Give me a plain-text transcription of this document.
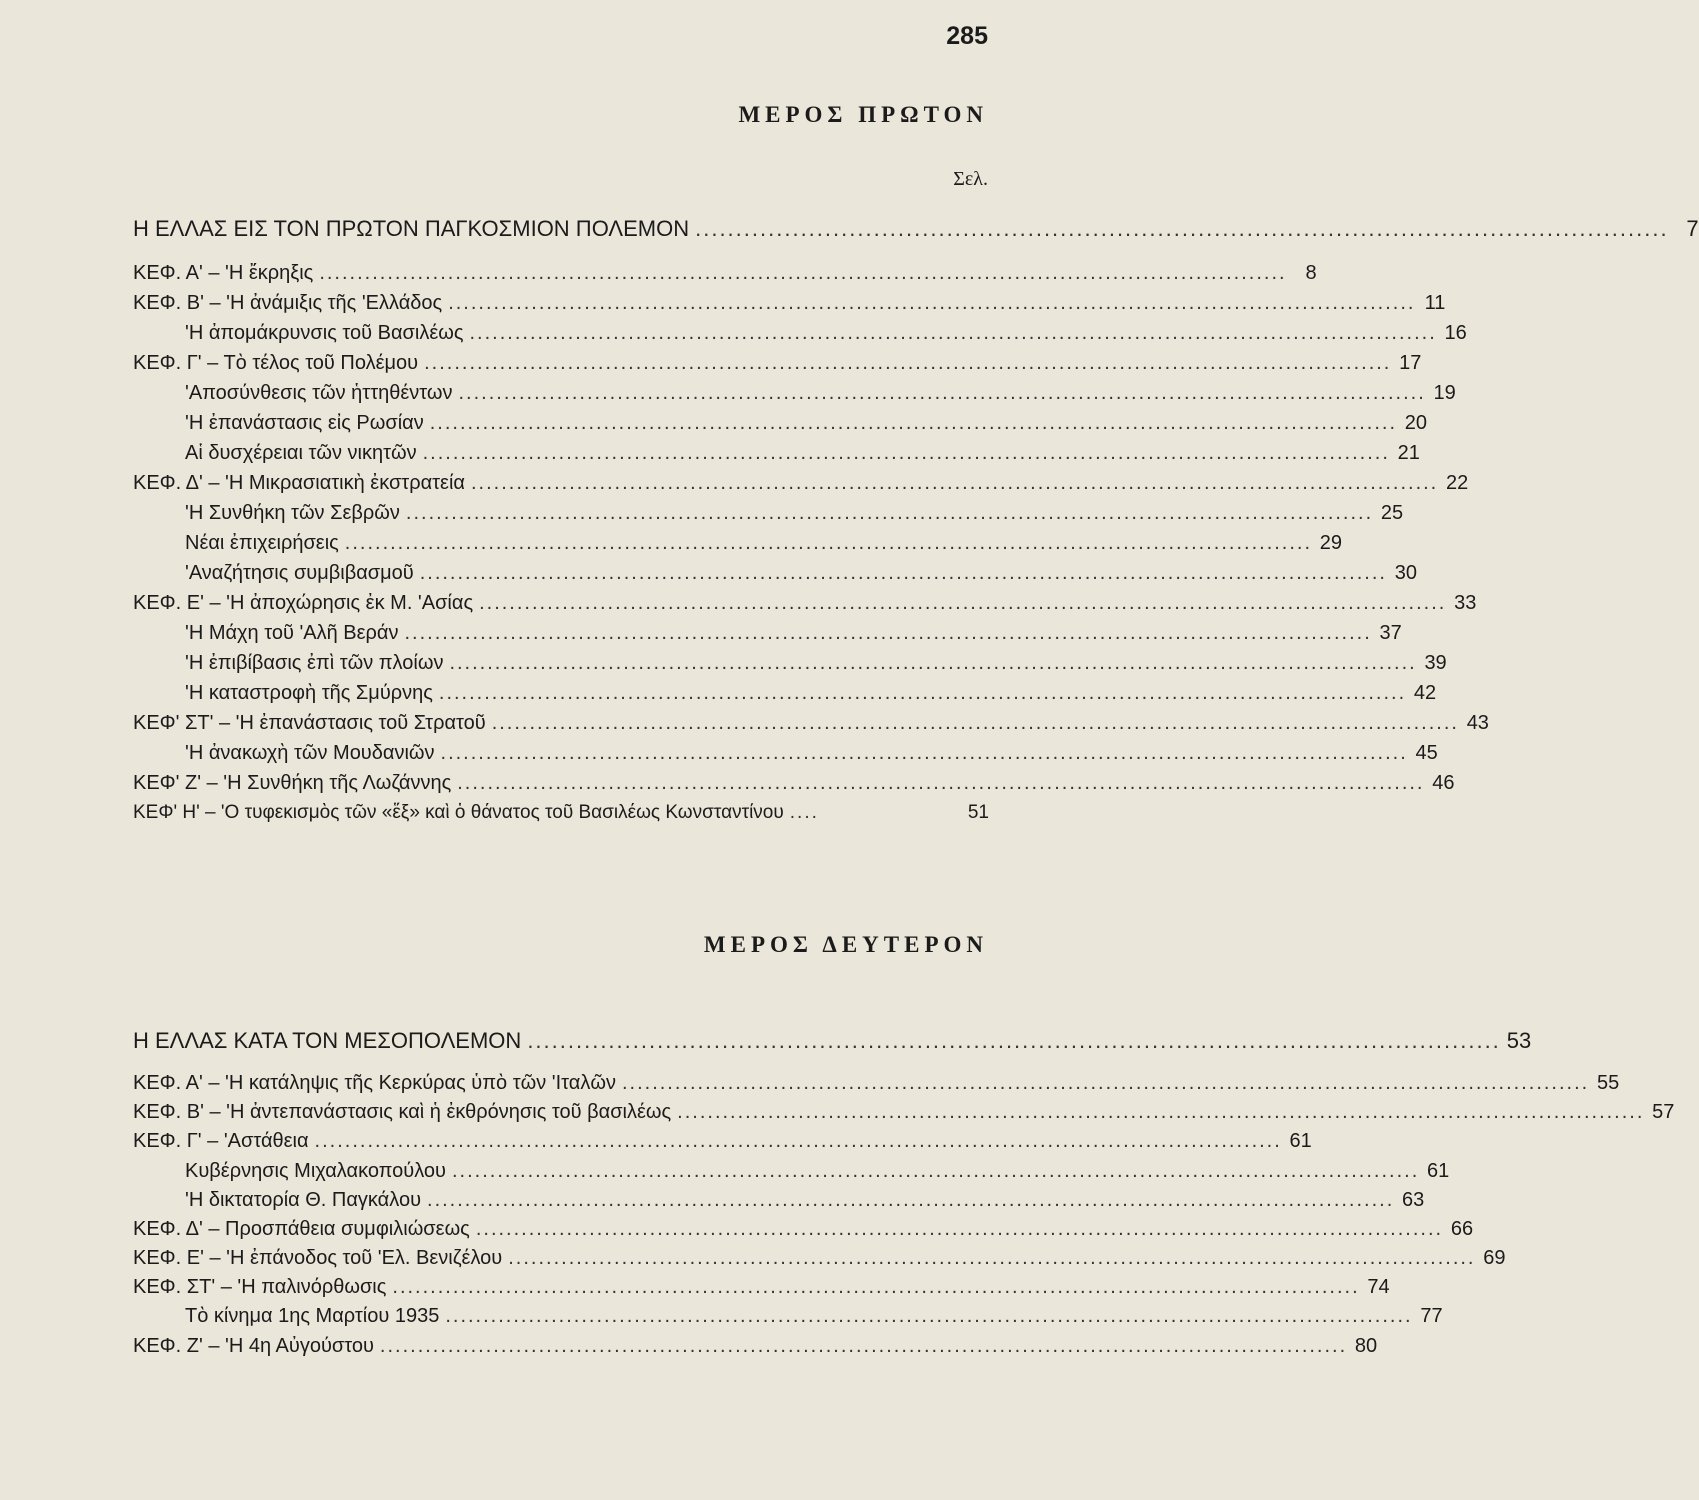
285
ΜΕΡΟΣ ΠΡΩΤΟΝ
Σελ.
Η ΕΛΛΑΣ ΕΙΣ ΤΟΝ ΠΡΩΤΟΝ ΠΑΓΚΟΣΜΙΟΝ ΠΟΛΕΜΟΝ ........................................................................................................................ 7
ΚΕΦ. Α' – 'Η ἔκρηξις ................................................................................................................................ 8
ΚΕΦ. Β' – 'Η ἀνάμιξις τῆς 'Ελλάδος ................................................................................................................................ 11
'Η ἀπομάκρυνσις τοῦ Βασιλέως ................................................................................................................................ 16
ΚΕΦ. Γ' – Τὸ τέλος τοῦ Πολέμου ................................................................................................................................ 17
'Αποσύνθεσις τῶν ἡττηθέντων ................................................................................................................................ 19
'Η ἐπανάστασις εἰς Ρωσίαν ................................................................................................................................ 20
Αἱ δυσχέρειαι τῶν νικητῶν ................................................................................................................................ 21
ΚΕΦ. Δ' – 'Η Μικρασιατικὴ ἐκστρατεία ................................................................................................................................ 22
'Η Συνθήκη τῶν Σεβρῶν ................................................................................................................................ 25
Νέαι ἐπιχειρήσεις ................................................................................................................................ 29
'Αναζήτησις συμβιβασμοῦ ................................................................................................................................ 30
ΚΕΦ. Ε' – 'Η ἀποχώρησις ἐκ Μ. 'Ασίας ................................................................................................................................ 33
'Η Μάχη τοῦ 'Αλῆ Βεράν ................................................................................................................................ 37
'Η ἐπιβίβασις ἐπὶ τῶν πλοίων ................................................................................................................................ 39
'Η καταστροφὴ τῆς Σμύρνης ................................................................................................................................ 42
ΚΕΦ' ΣΤ' – 'Η ἐπανάστασις τοῦ Στρατοῦ ................................................................................................................................ 43
'Η ἀνακωχὴ τῶν Μουδανιῶν ................................................................................................................................ 45
ΚΕΦ' Ζ' – 'Η Συνθήκη τῆς Λωζάννης ................................................................................................................................ 46
ΚΕΦ' Η' – 'Ο τυφεκισμὸς τῶν «ἕξ» καὶ ὁ θάνατος τοῦ Βασιλέως Κωνσταντίνου ....	51
ΜΕΡΟΣ ΔΕΥΤΕΡΟΝ
Η ΕΛΛΑΣ ΚΑΤΑ ΤΟΝ ΜΕΣΟΠΟΛΕΜΟΝ ........................................................................................................................ 53
ΚΕΦ. Α' – 'Η κατάληψις τῆς Κερκύρας ὑπὸ τῶν 'Ιταλῶν ................................................................................................................................ 55
ΚΕΦ. Β' – 'Η ἀντεπανάστασις καὶ ἡ ἐκθρόνησις τοῦ βασιλέως ................................................................................................................................ 57
ΚΕΦ. Γ' – 'Αστάθεια ................................................................................................................................ 61
Κυβέρνησις Μιχαλακοπούλου ................................................................................................................................ 61
'Η δικτατορία Θ. Παγκάλου ................................................................................................................................ 63
ΚΕΦ. Δ' – Προσπάθεια συμφιλιώσεως ................................................................................................................................ 66
ΚΕΦ. Ε' – 'Η ἐπάνοδος τοῦ 'Ελ. Βενιζέλου ................................................................................................................................ 69
ΚΕΦ. ΣΤ' – 'Η παλινόρθωσις ................................................................................................................................ 74
Τὸ κίνημα 1ης Μαρτίου 1935 ................................................................................................................................ 77
ΚΕΦ. Ζ' – 'Η 4η Αὐγούστου ................................................................................................................................ 80
